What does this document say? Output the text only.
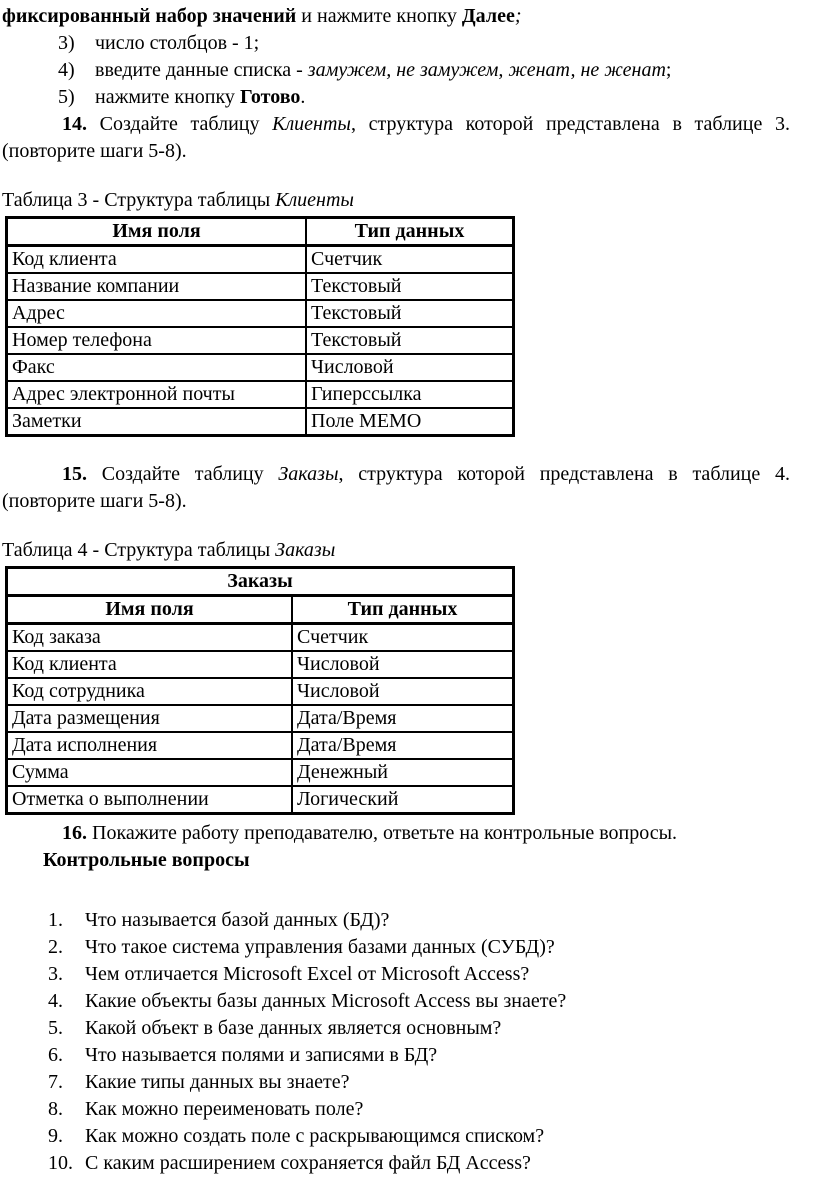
фиксированный набор значений и нажмите кнопку Далее;

3) число столбцов - 1;
4) введите данные списка - замужем, не замужем, женат, не женат;
5) нажмите кнопку Готово.

14. Создайте таблицу Клиенты, структура которой представлена в таблице 3. (повторите шаги 5-8).

Таблица 3 - Структура таблицы Клиенты
Имя поля	Тип данных
Код клиента	Счетчик
Название компании	Текстовый
Адрес	Текстовый
Номер телефона	Текстовый
Факс	Числовой
Адрес электронной почты	Гиперссылка
Заметки	Поле MEMO

15. Создайте таблицу Заказы, структура которой представлена в таблице 4. (повторите шаги 5-8).

Таблица 4 - Структура таблицы Заказы
Заказы	
Имя поля	Тип данных
Код заказа	Счетчик
Код клиента	Числовой
Код сотрудника	Числовой
Дата размещения	Дата/Время
Дата исполнения	Дата/Время
Сумма	Денежный
Отметка о выполнении	Логический

16. Покажите работу преподавателю, ответьте на контрольные вопросы.

Контрольные вопросы
1. Что называется базой данных (БД)?
2. Что такое система управления базами данных (СУБД)?
3. Чем отличается Microsoft Excel от Microsoft Access?
4. Какие объекты базы данных Microsoft Access вы знаете?
5. Какой объект в базе данных является основным?
6. Что называется полями и записями в БД?
7. Какие типы данных вы знаете?
8. Как можно переименовать поле?
9. Как можно создать поле с раскрывающимся списком?
10. С каким расширением сохраняется файл БД Access?
